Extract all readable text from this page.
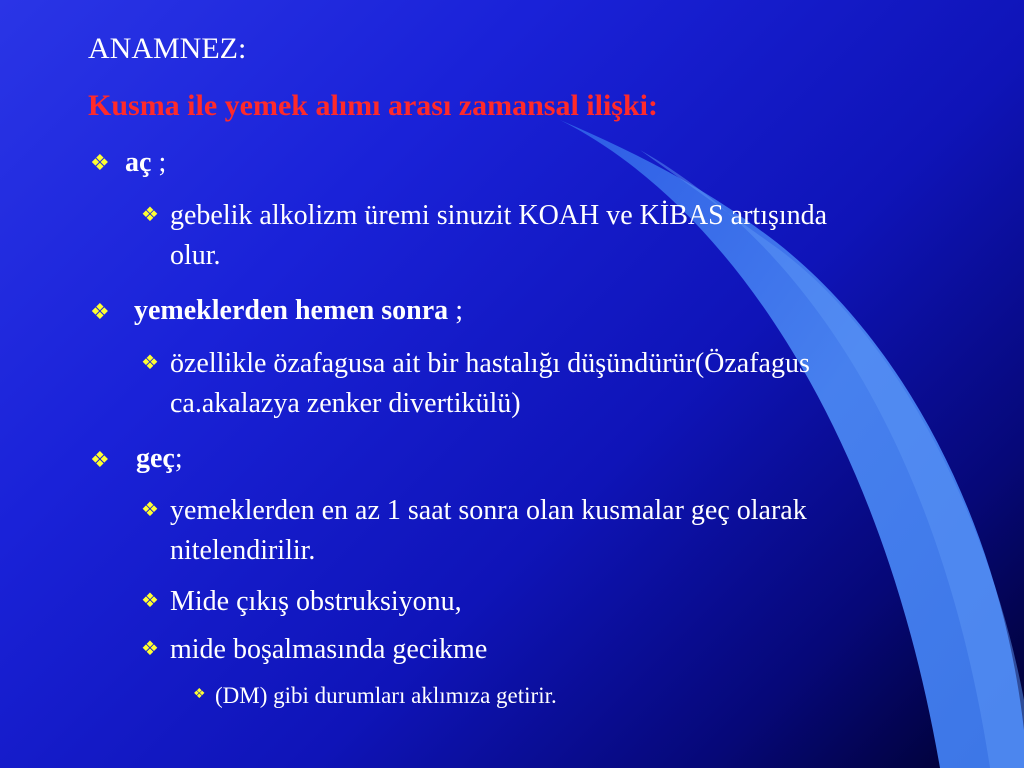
ANAMNEZ:
Kusma ile yemek alımı arası zamansal ilişki:
❖ aç ;
❖ gebelik alkolizm üremi sinuzit KOAH ve KİBAS artışında
olur.
❖ yemeklerden hemen sonra ;
❖ özellikle özafagusa ait bir hastalığı düşündürür(Özafagus
ca.akalazya zenker divertikülü)
❖ geç;
❖ yemeklerden en az 1 saat sonra olan kusmalar geç olarak
nitelendirilir.
❖ Mide çıkış obstruksiyonu,
❖ mide boşalmasında gecikme
❖ (DM) gibi durumları aklımıza getirir.
